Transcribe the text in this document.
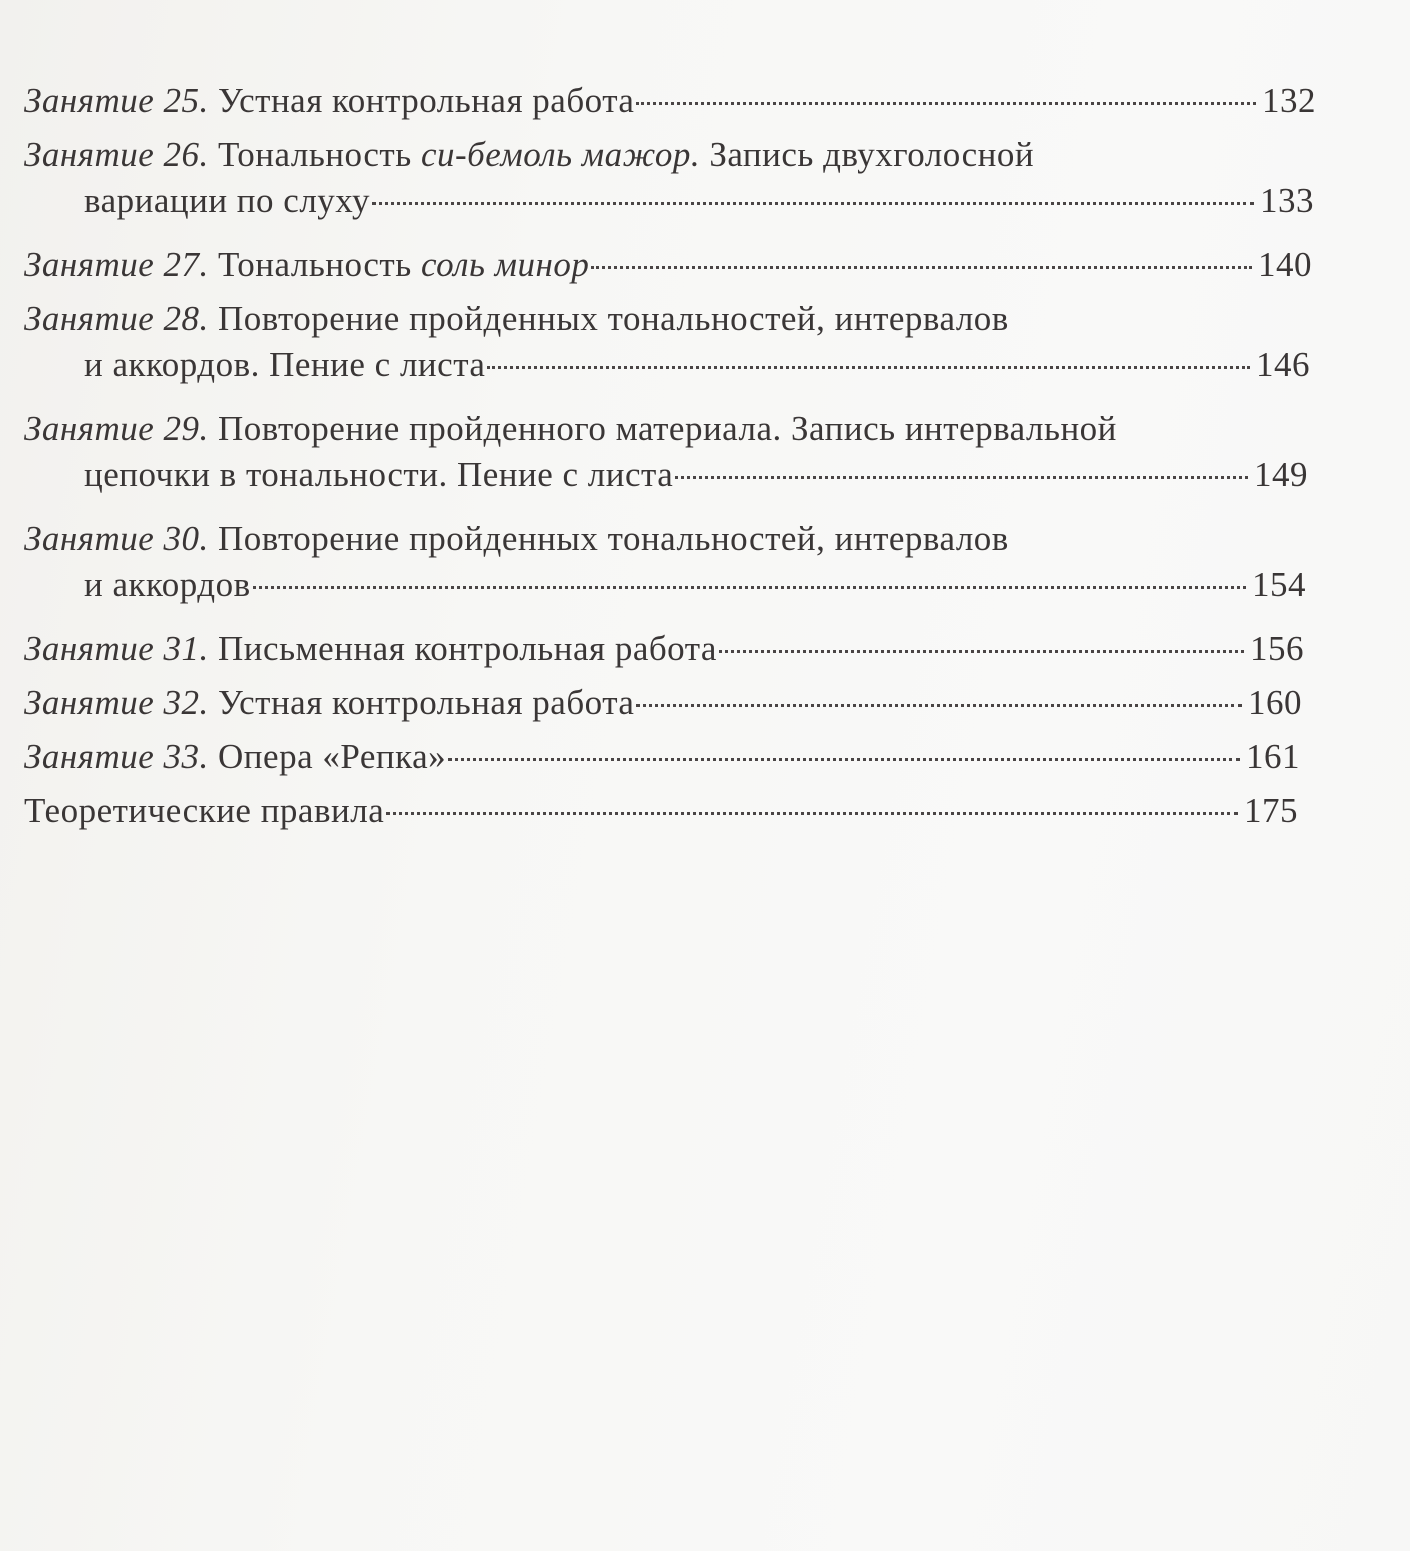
Занятие 25.
Устная контрольная работа	132
Занятие 26.
Тональность си-бемоль мажор. Запись двухголосной
вариации по слуху	133
Занятие 27.
Тональность соль минор	140
Занятие 28.
Повторение пройденных тональностей, интервалов
и аккордов. Пение с листа	146
Занятие 29.
Повторение пройденного материала. Запись интервальной
цепочки в тональности. Пение с листа	149
Занятие 30.
Повторение пройденных тональностей, интервалов
и аккордов	154
Занятие 31.
Письменная контрольная работа	156
Занятие 32.
Устная контрольная работа	160
Занятие 33.
Опера «Репка»	161
Теоретические правила	175
